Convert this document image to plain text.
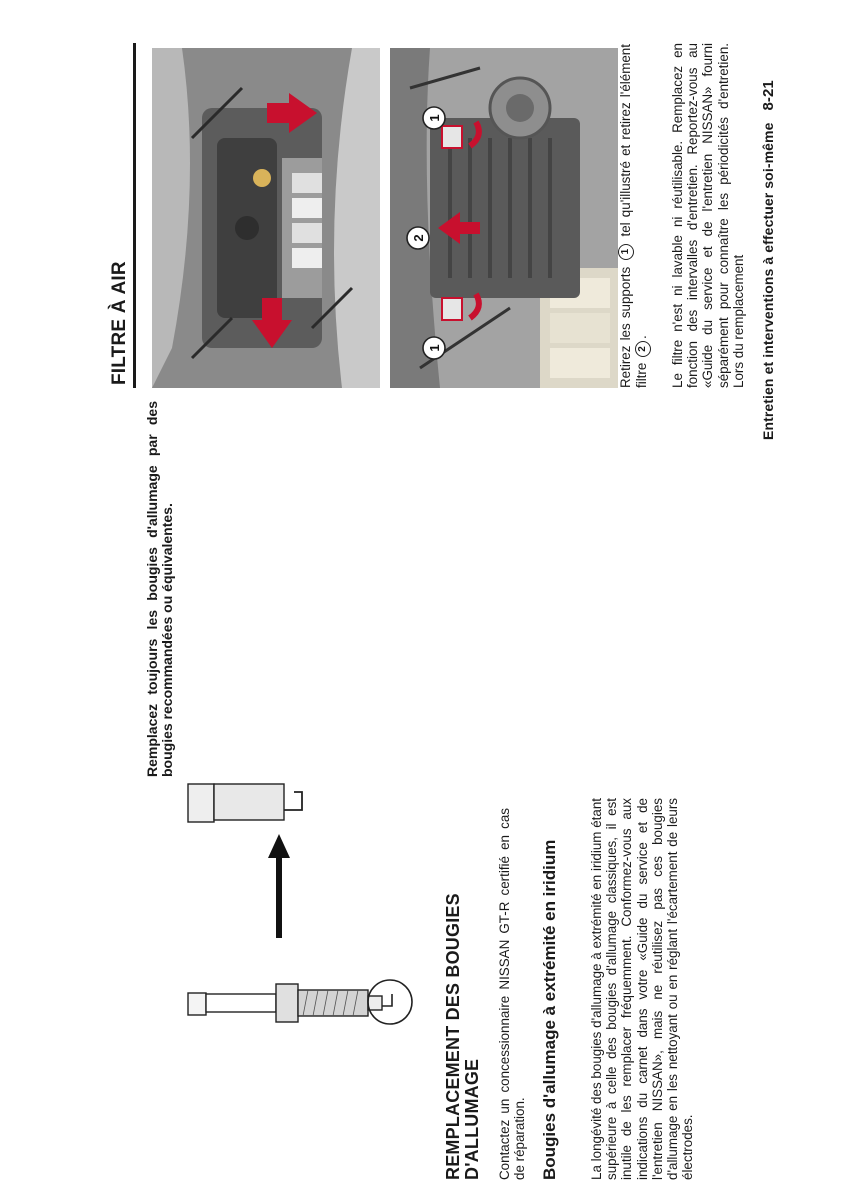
REMPLACEMENT DES BOUGIES D'ALLUMAGE Contactez un concessionnaire NISSAN GT-R certifié en cas de réparation. Bougies d'allumage à extrémité en iridium La longévité des bougies d'allumage à extrémité en iridium étant supérieure à celle des bougies d'allumage classiques, il est inutile de les remplacer fréquemment. Conformez-vous aux indications du carnet dans votre «Guide du service et de l'entretien NISSAN», mais ne réutilisez pas ces bougies d'allumage en les nettoyant ou en réglant l'écartement de leurs électrodes.
Remplacez toujours les bougies d'allumage par des bougies recommandées ou équivalentes.
FILTRE À AIR	1
2
1
Retirez les supports 1 tel qu'illustré et retirez l'élément filtre 2. Le filtre n'est ni lavable ni réutilisable. Remplacez en fonction des intervalles d'entretien. Reportez-vous au «Guide du service et de l'entretien NISSAN» fourni séparément pour connaître les périodicités d'entretien. Lors du remplacement Entretien et interventions à effectuer soi-même 8-21
